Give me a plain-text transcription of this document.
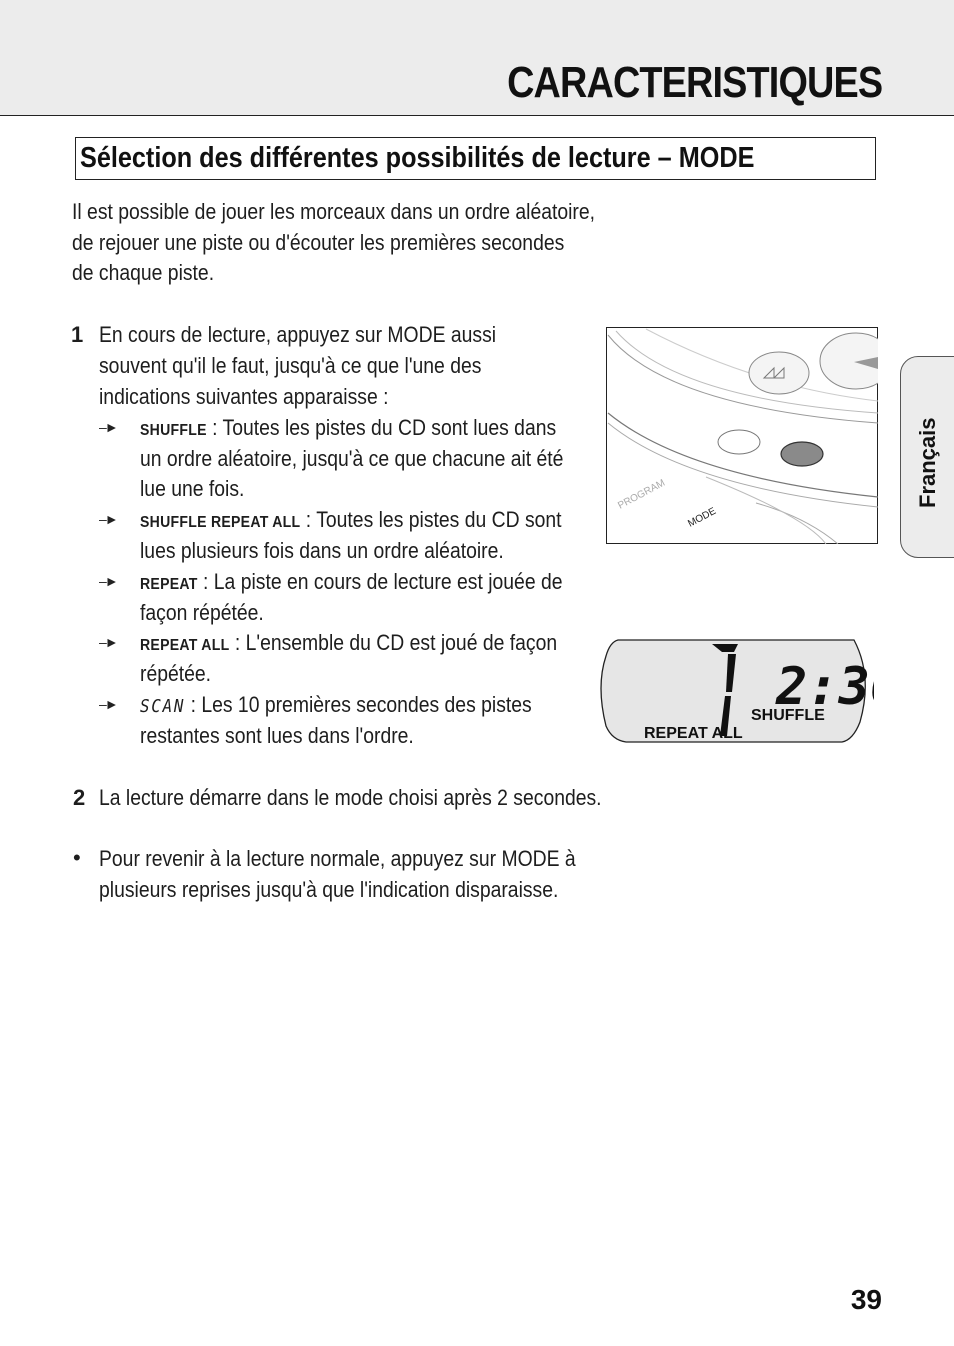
CARACTERISTIQUES
Sélection des différentes possibilités de lecture – MODE
Il est possible de jouer les morceaux dans un ordre aléatoire,
de rejouer une piste ou d'écouter les premières secondes
de chaque piste.
1 En cours de lecture, appuyez sur MODE aussi
souvent qu'il le faut, jusqu'à ce que l'une des
indications suivantes apparaisse :
–► SHUFFLE : Toutes les pistes du CD sont lues dans
un ordre aléatoire, jusqu'à ce que chacune ait été
lue une fois.
–► SHUFFLE REPEAT ALL : Toutes les pistes du CD sont
lues plusieurs fois dans un ordre aléatoire.
–► REPEAT : La piste en cours de lecture est jouée de
façon répétée.
–► REPEAT ALL : L'ensemble du CD est joué de façon
répétée.
–► SCAN : Les 10 premières secondes des pistes
restantes sont lues dans l'ordre.
2 La lecture démarre dans le mode choisi après 2 secondes.
• Pour revenir à la lecture normale, appuyez sur MODE à
plusieurs reprises jusqu'à que l'indication disparaisse.
PROGRAM
MODE
2:3
SHUFFLE
REPEAT ALL
Français
39
